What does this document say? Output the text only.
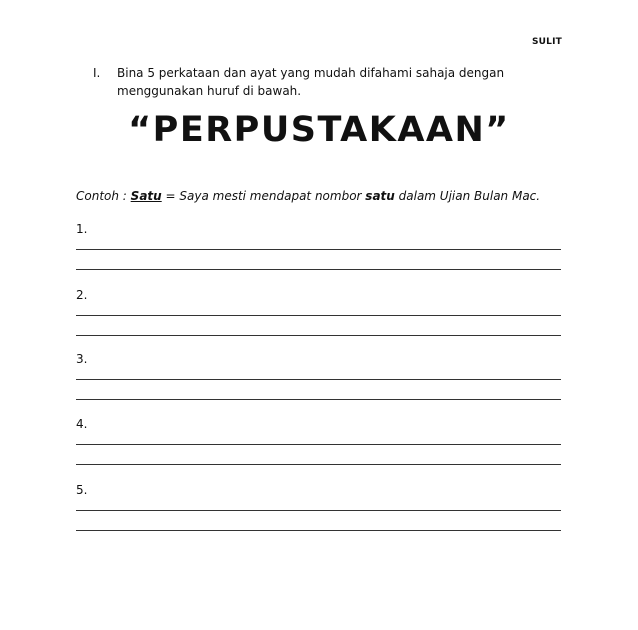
SULIT
I. Bina 5 perkataan dan ayat yang mudah difahami sahaja dengan menggunakan huruf di bawah.
“PERPUSTAKAAN”
Contoh : Satu = Saya mesti mendapat nombor satu dalam Ujian Bulan Mac.
1.
2.
3.
4.
5.
